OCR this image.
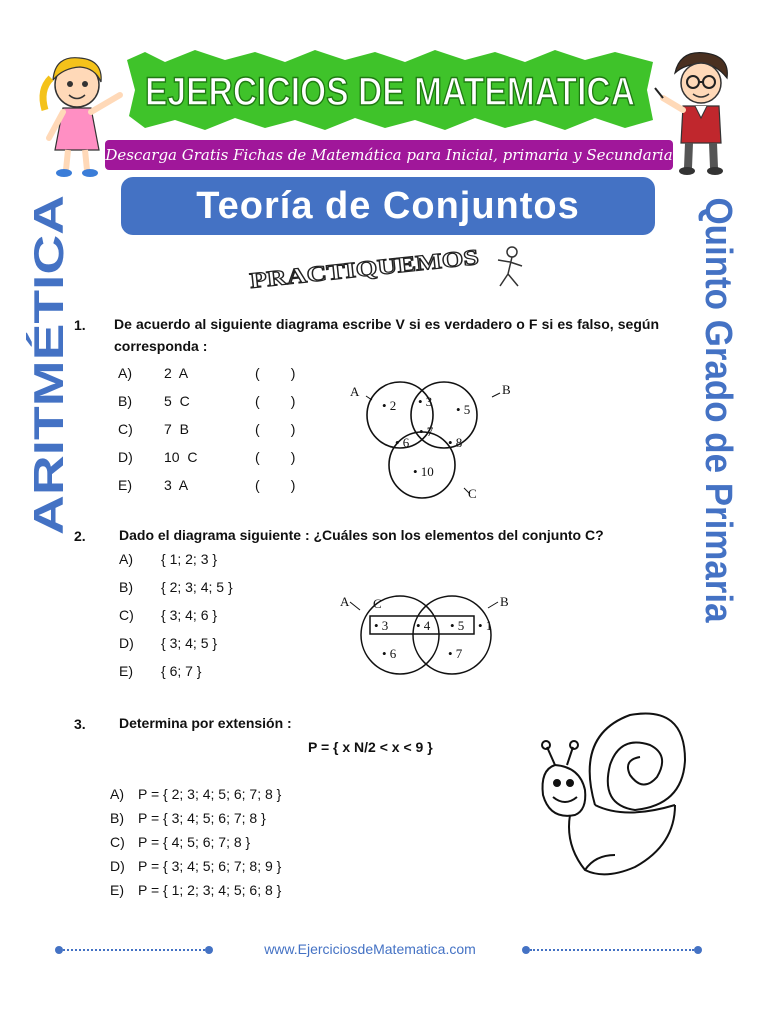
EJERCICIOS DE MATEMATICA
Descarga Gratis Fichas de Matemática para Inicial, primaria y Secundaria
Teoría de Conjuntos
ARITMÉTICA	Quinto Grado de Primaria
PRACTIQUEMOS
1. De acuerdo al siguiente diagrama escribe V si es verdadero o F si es falso, según corresponda :
A) 2  A	(        )
B) 5  C	(        )
C) 7  B	(        )
D) 10  C	(        )
E) 3  A	(        )
A	B
C
• 2 • 3
• 5
• 6
• 7
• 8
• 10
2. Dado el diagrama siguiente : ¿Cuáles son los elementos del conjunto C?
A) { 1; 2; 3 }
B) { 2; 3; 4; 5 }
C) { 3; 4; 6 }
D) { 3; 4; 5 }
E) { 6; 7 }
A C	B
• 3 • 4 • 5 • 1
• 6	• 7
3. Determina por extensión :
P = { x N/2 < x < 9 }
A) P = { 2; 3; 4; 5; 6; 7; 8 }
B) P = { 3; 4; 5; 6; 7; 8 }
C) P = { 4; 5; 6; 7; 8 }
D) P = { 3; 4; 5; 6; 7; 8; 9 }
E) P = { 1; 2; 3; 4; 5; 6; 8 }
www.EjerciciosdeMatematica.com
